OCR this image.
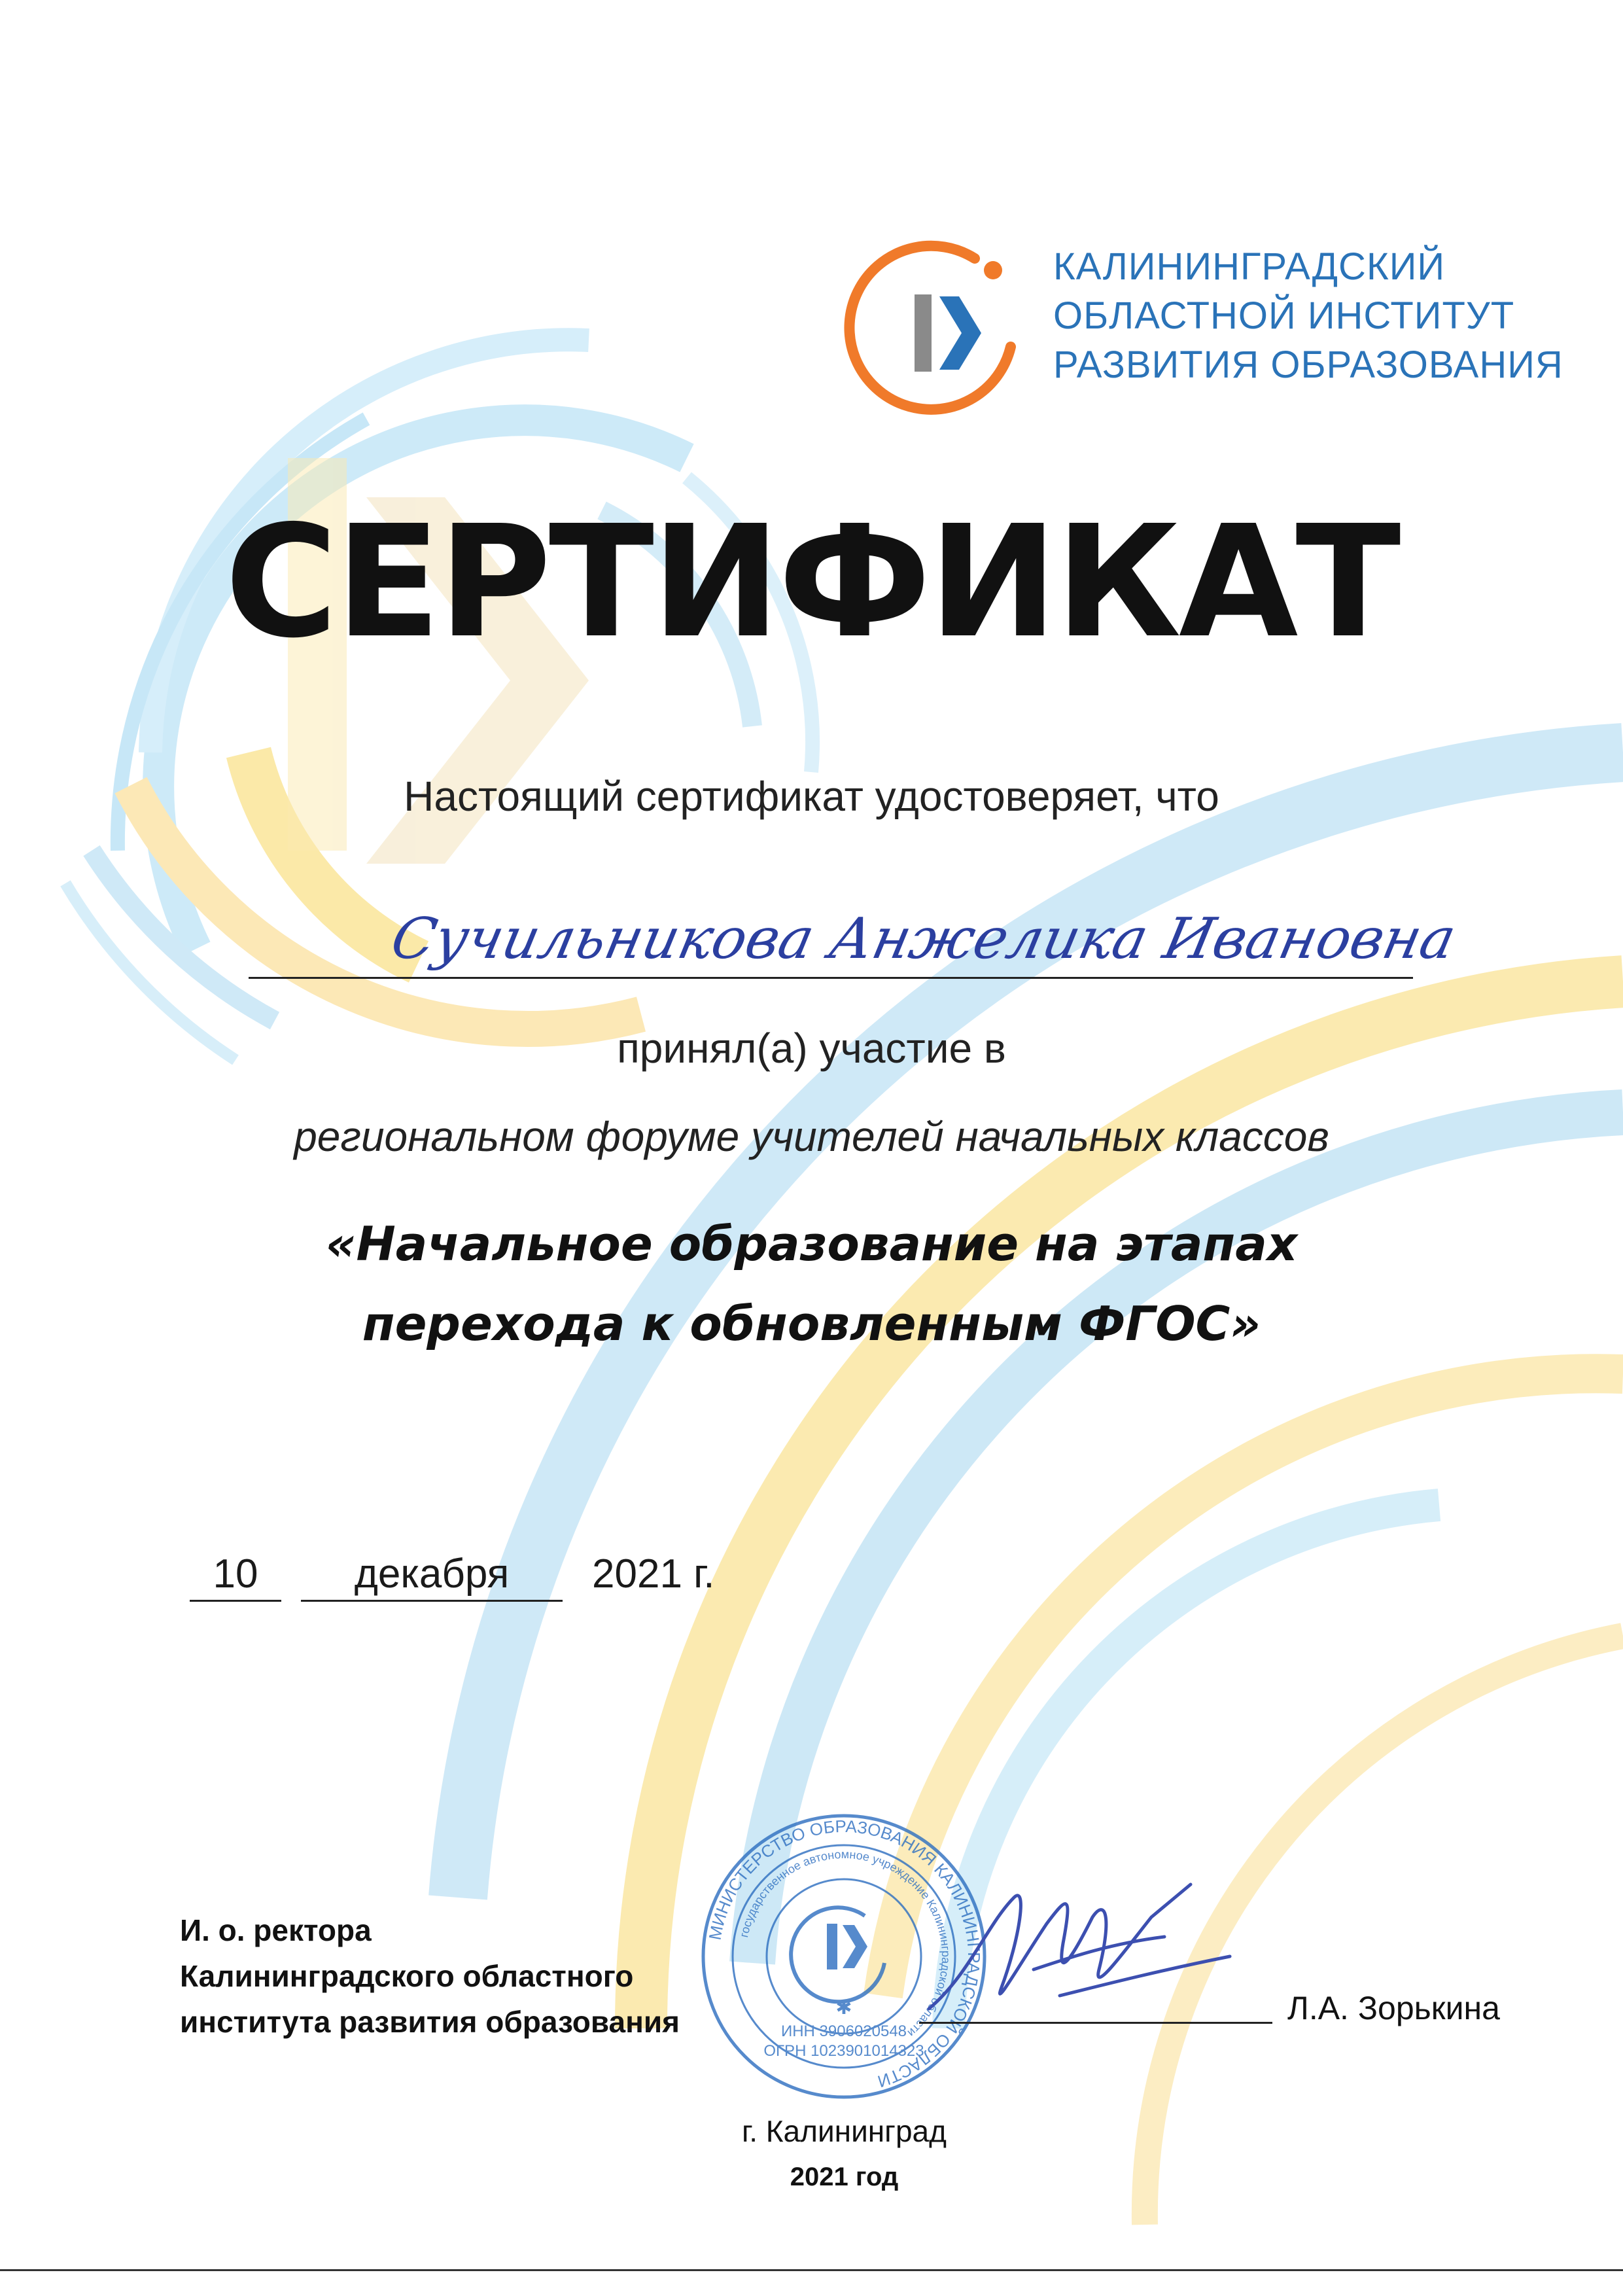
КАЛИНИНГРАДСКИЙ
ОБЛАСТНОЙ ИНСТИТУТ
РАЗВИТИЯ ОБРАЗОВАНИЯ
СЕРТИФИКАТ
Настоящий сертификат удостоверяет, что
Сучильникова Анжелика Ивановна
принял(а) участие в
региональном форуме учителей начальных классов
«Начальное образование на этапах
перехода к обновленным ФГОС»
10	декабря	2021 г.
И. о. ректора
Калининградского областного
института развития образования
МИНИСТЕРСТВО ОБРАЗОВАНИЯ КАЛИНИНГРАДСКОЙ ОБЛАСТИ
государственное автономное учреждение Калининградской области
✱
ИНН 3906020548
ОГРН 1023901014323
Л.А. Зорькина
г. Калининград
2021 год
